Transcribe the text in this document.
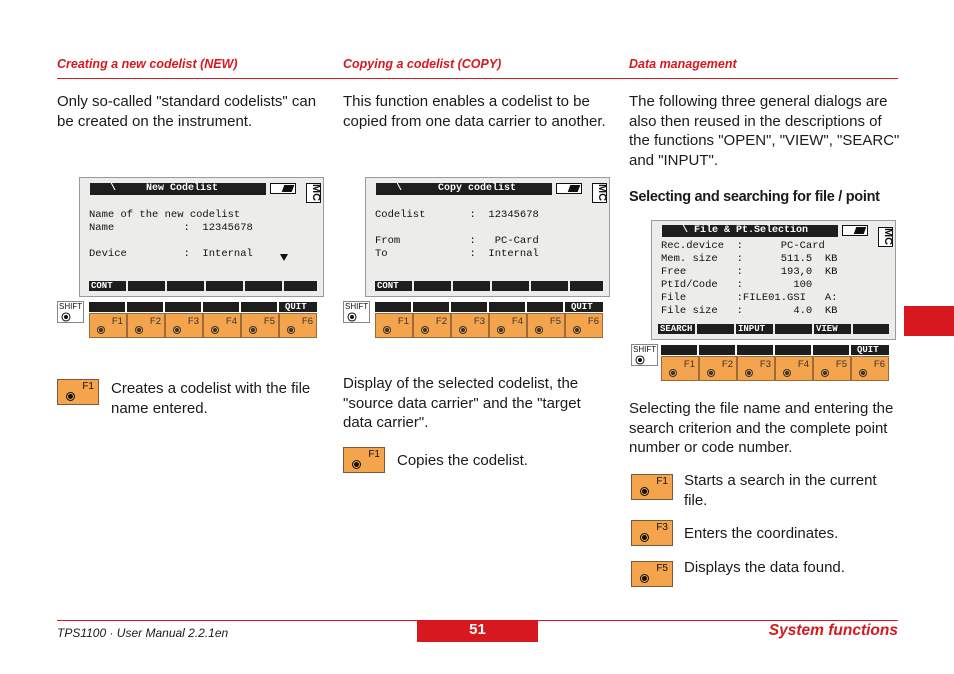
Creating a new codelist (NEW)	Copying a codelist (COPY)	Data management
Only so-called "standard codelists" can be created on the instrument.
\     New Codelist	MC
Name of the new codelist
Name           :  12345678
Device         :  Internal
CONT
SHIFT	QUIT
F1	F2	F3	F4	F5	F6
F1 Creates a codelist with the file name entered.
This function enables a codelist to be copied from one data carrier to another.
\      Copy codelist	MC
Codelist       :  12345678
From           :   PC-Card
To             :  Internal
CONT
SHIFT	QUIT
F1	F2	F3	F4	F5	F6
Display of the selected codelist, the "source data carrier" and the "target data carrier".
F1 Copies the codelist.
The following three general dialogs are also then reused in the descriptions of the functions "OPEN", "VIEW", "SEARC" and "INPUT".
Selecting and searching for file / point
\ File & Pt.Selection	MC
Rec.device  :      PC-Card
Mem. size   :      511.5  KB
Free        :      193,0  KB
PtId/Code   :        100
File        :FILE01.GSI   A:
File size   :        4.0  KB
SEARCH	INPUT	VIEW
SHIFT	QUIT
F1	F2	F3	F4	F5	F6
Selecting the file name and entering the search criterion and the complete point number or code number.
F1 Starts a search in the current file.
F3 Enters the coordinates.
F5 Displays the data found.
TPS1100 · User Manual 2.2.1en	51	System functions
